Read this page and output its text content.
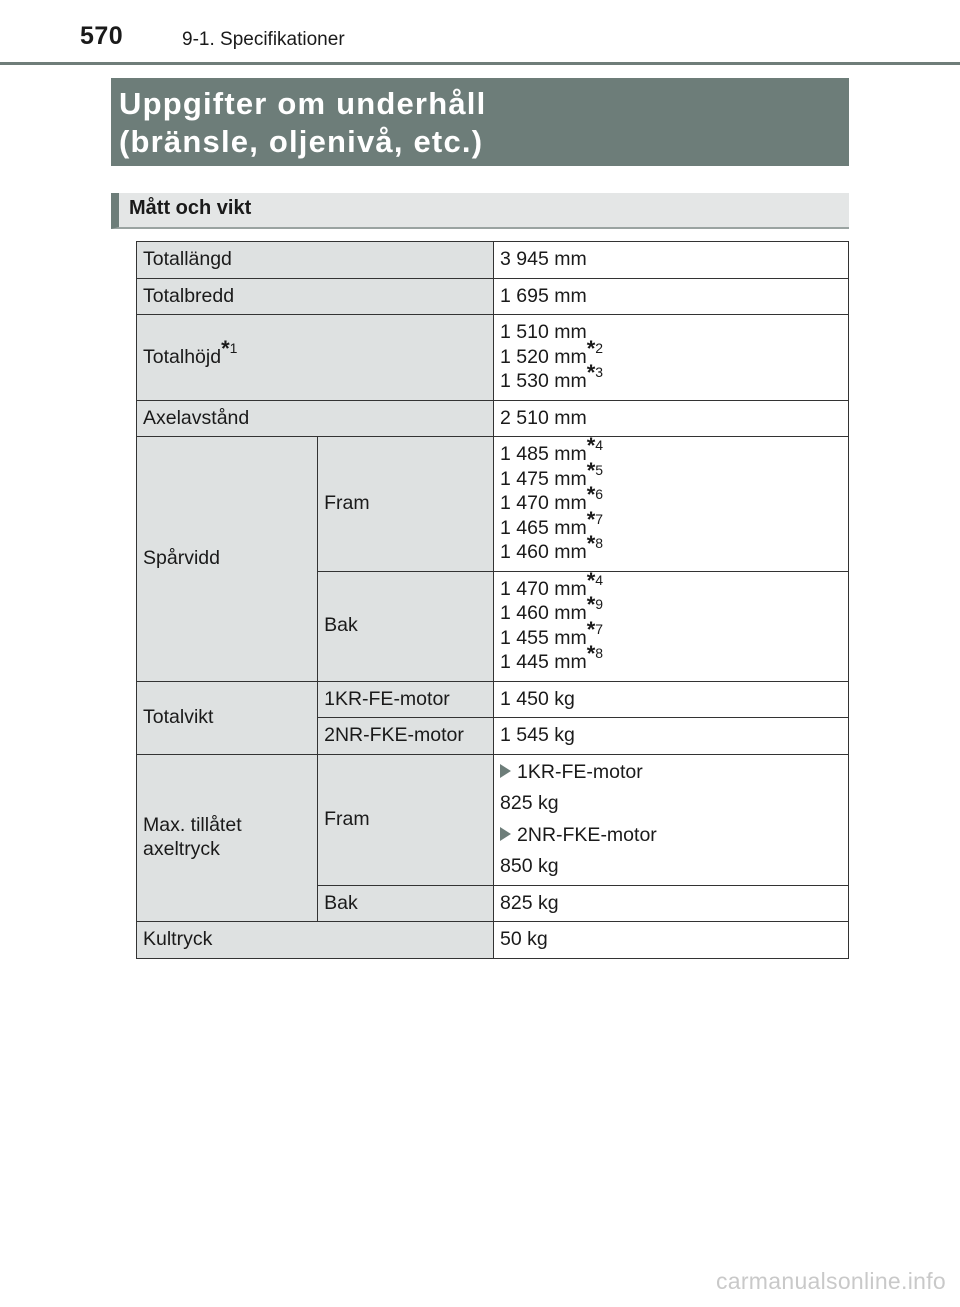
570	9-1. Specifikationer
Uppgifter om underhåll
(bränsle, oljenivå, etc.)
Mått och vikt
Totallängd		3 945 mm
Totalbredd		1 695 mm
Totalhöjd*$^1$		1 510 mm
1 520 mm*$^2$
1 530 mm*$^3$

Axelavstånd		2 510 mm
Spårvidd	Fram	1 485 mm*$^4$
1 475 mm*$^5$
1 470 mm*$^6$
1 465 mm*$^7$
1 460 mm*$^8$

	Bak	1 470 mm*$^4$
1 460 mm*$^9$
1 455 mm*$^7$
1 445 mm*$^8$

Totalvikt	1KR-FE-motor	1 450 kg
	2NR-FKE-motor	1 545 kg

Max. tillåtet
axeltryck	Fram	1KR-FE-motor
825 kg
2NR-FKE-motor
850 kg

	Bak	825 kg
Kultryck		50 kg
carmanualsonline.info
